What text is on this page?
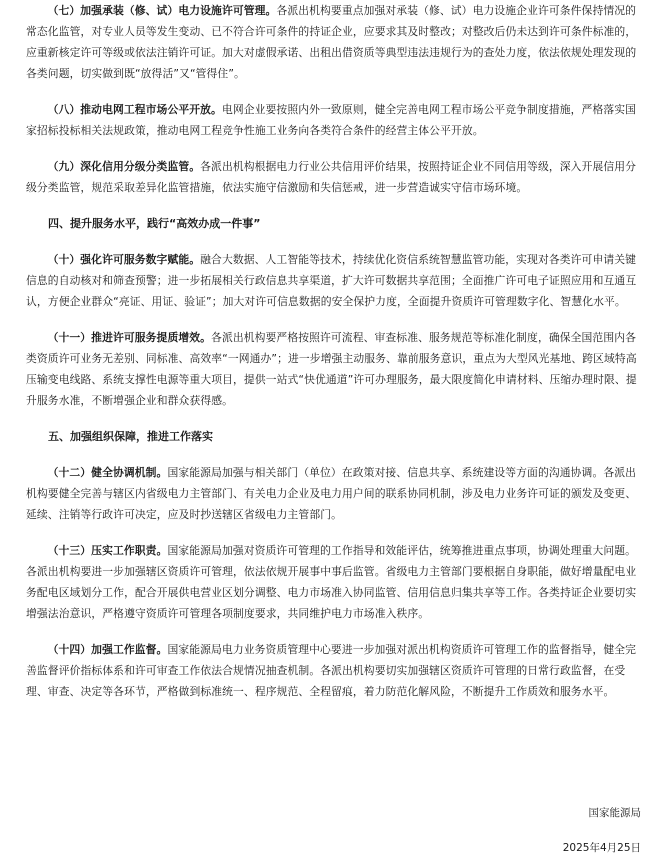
（七）加强承装（修、试）电力设施许可管理。各派出机构要重点加强对承装（修、试）电力设施企业许可条件保持情况的常态化监管，对专业人员等发生变动、已不符合许可条件的持证企业，应要求其及时整改；对整改后仍未达到许可条件标准的，应重新核定许可等级或依法注销许可证。加大对虚假承诺、出租出借资质等典型违法违规行为的查处力度，依法依规处理发现的各类问题，切实做到既“放得活”又“管得住”。

（八）推动电网工程市场公平开放。电网企业要按照内外一致原则，健全完善电网工程市场公平竞争制度措施，严格落实国家招标投标相关法规政策，推动电网工程竞争性施工业务向各类符合条件的经营主体公平开放。

（九）深化信用分级分类监管。各派出机构根据电力行业公共信用评价结果，按照持证企业不同信用等级，深入开展信用分级分类监管，规范采取差异化监管措施，依法实施守信激励和失信惩戒，进一步营造诚实守信市场环境。

四、提升服务水平，践行“高效办成一件事”

（十）强化许可服务数字赋能。融合大数据、人工智能等技术，持续优化资信系统智慧监管功能，实现对各类许可申请关键信息的自动核对和筛查预警；进一步拓展相关行政信息共享渠道，扩大许可数据共享范围；全面推广许可电子证照应用和互通互认，方便企业群众“亮证、用证、验证”；加大对许可信息数据的安全保护力度，全面提升资质许可管理数字化、智慧化水平。

（十一）推进许可服务提质增效。各派出机构要严格按照许可流程、审查标准、服务规范等标准化制度，确保全国范围内各类资质许可业务无差别、同标准、高效率“一网通办”；进一步增强主动服务、靠前服务意识，重点为大型风光基地、跨区域特高压输变电线路、系统支撑性电源等重大项目，提供一站式“快优通道”许可办理服务，最大限度简化申请材料、压缩办理时限、提升服务水准，不断增强企业和群众获得感。

五、加强组织保障，推进工作落实

（十二）健全协调机制。国家能源局加强与相关部门（单位）在政策对接、信息共享、系统建设等方面的沟通协调。各派出机构要健全完善与辖区内省级电力主管部门、有关电力企业及电力用户间的联系协同机制，涉及电力业务许可证的颁发及变更、延续、注销等行政许可决定，应及时抄送辖区省级电力主管部门。

（十三）压实工作职责。国家能源局加强对资质许可管理的工作指导和效能评估，统筹推进重点事项，协调处理重大问题。各派出机构要进一步加强辖区资质许可管理，依法依规开展事中事后监管。省级电力主管部门要根据自身职能，做好增量配电业务配电区域划分工作，配合开展供电营业区划分调整、电力市场准入协同监管、信用信息归集共享等工作。各类持证企业要切实增强法治意识，严格遵守资质许可管理各项制度要求，共同维护电力市场准入秩序。

（十四）加强工作监督。国家能源局电力业务资质管理中心要进一步加强对派出机构资质许可管理工作的监督指导，健全完善监督评价指标体系和许可审查工作依法合规情况抽查机制。各派出机构要切实加强辖区资质许可管理的日常行政监督，在受理、审查、决定等各环节，严格做到标准统一、程序规范、全程留痕，着力防范化解风险，不断提升工作质效和服务水平。

国家能源局
2025年4月25日
